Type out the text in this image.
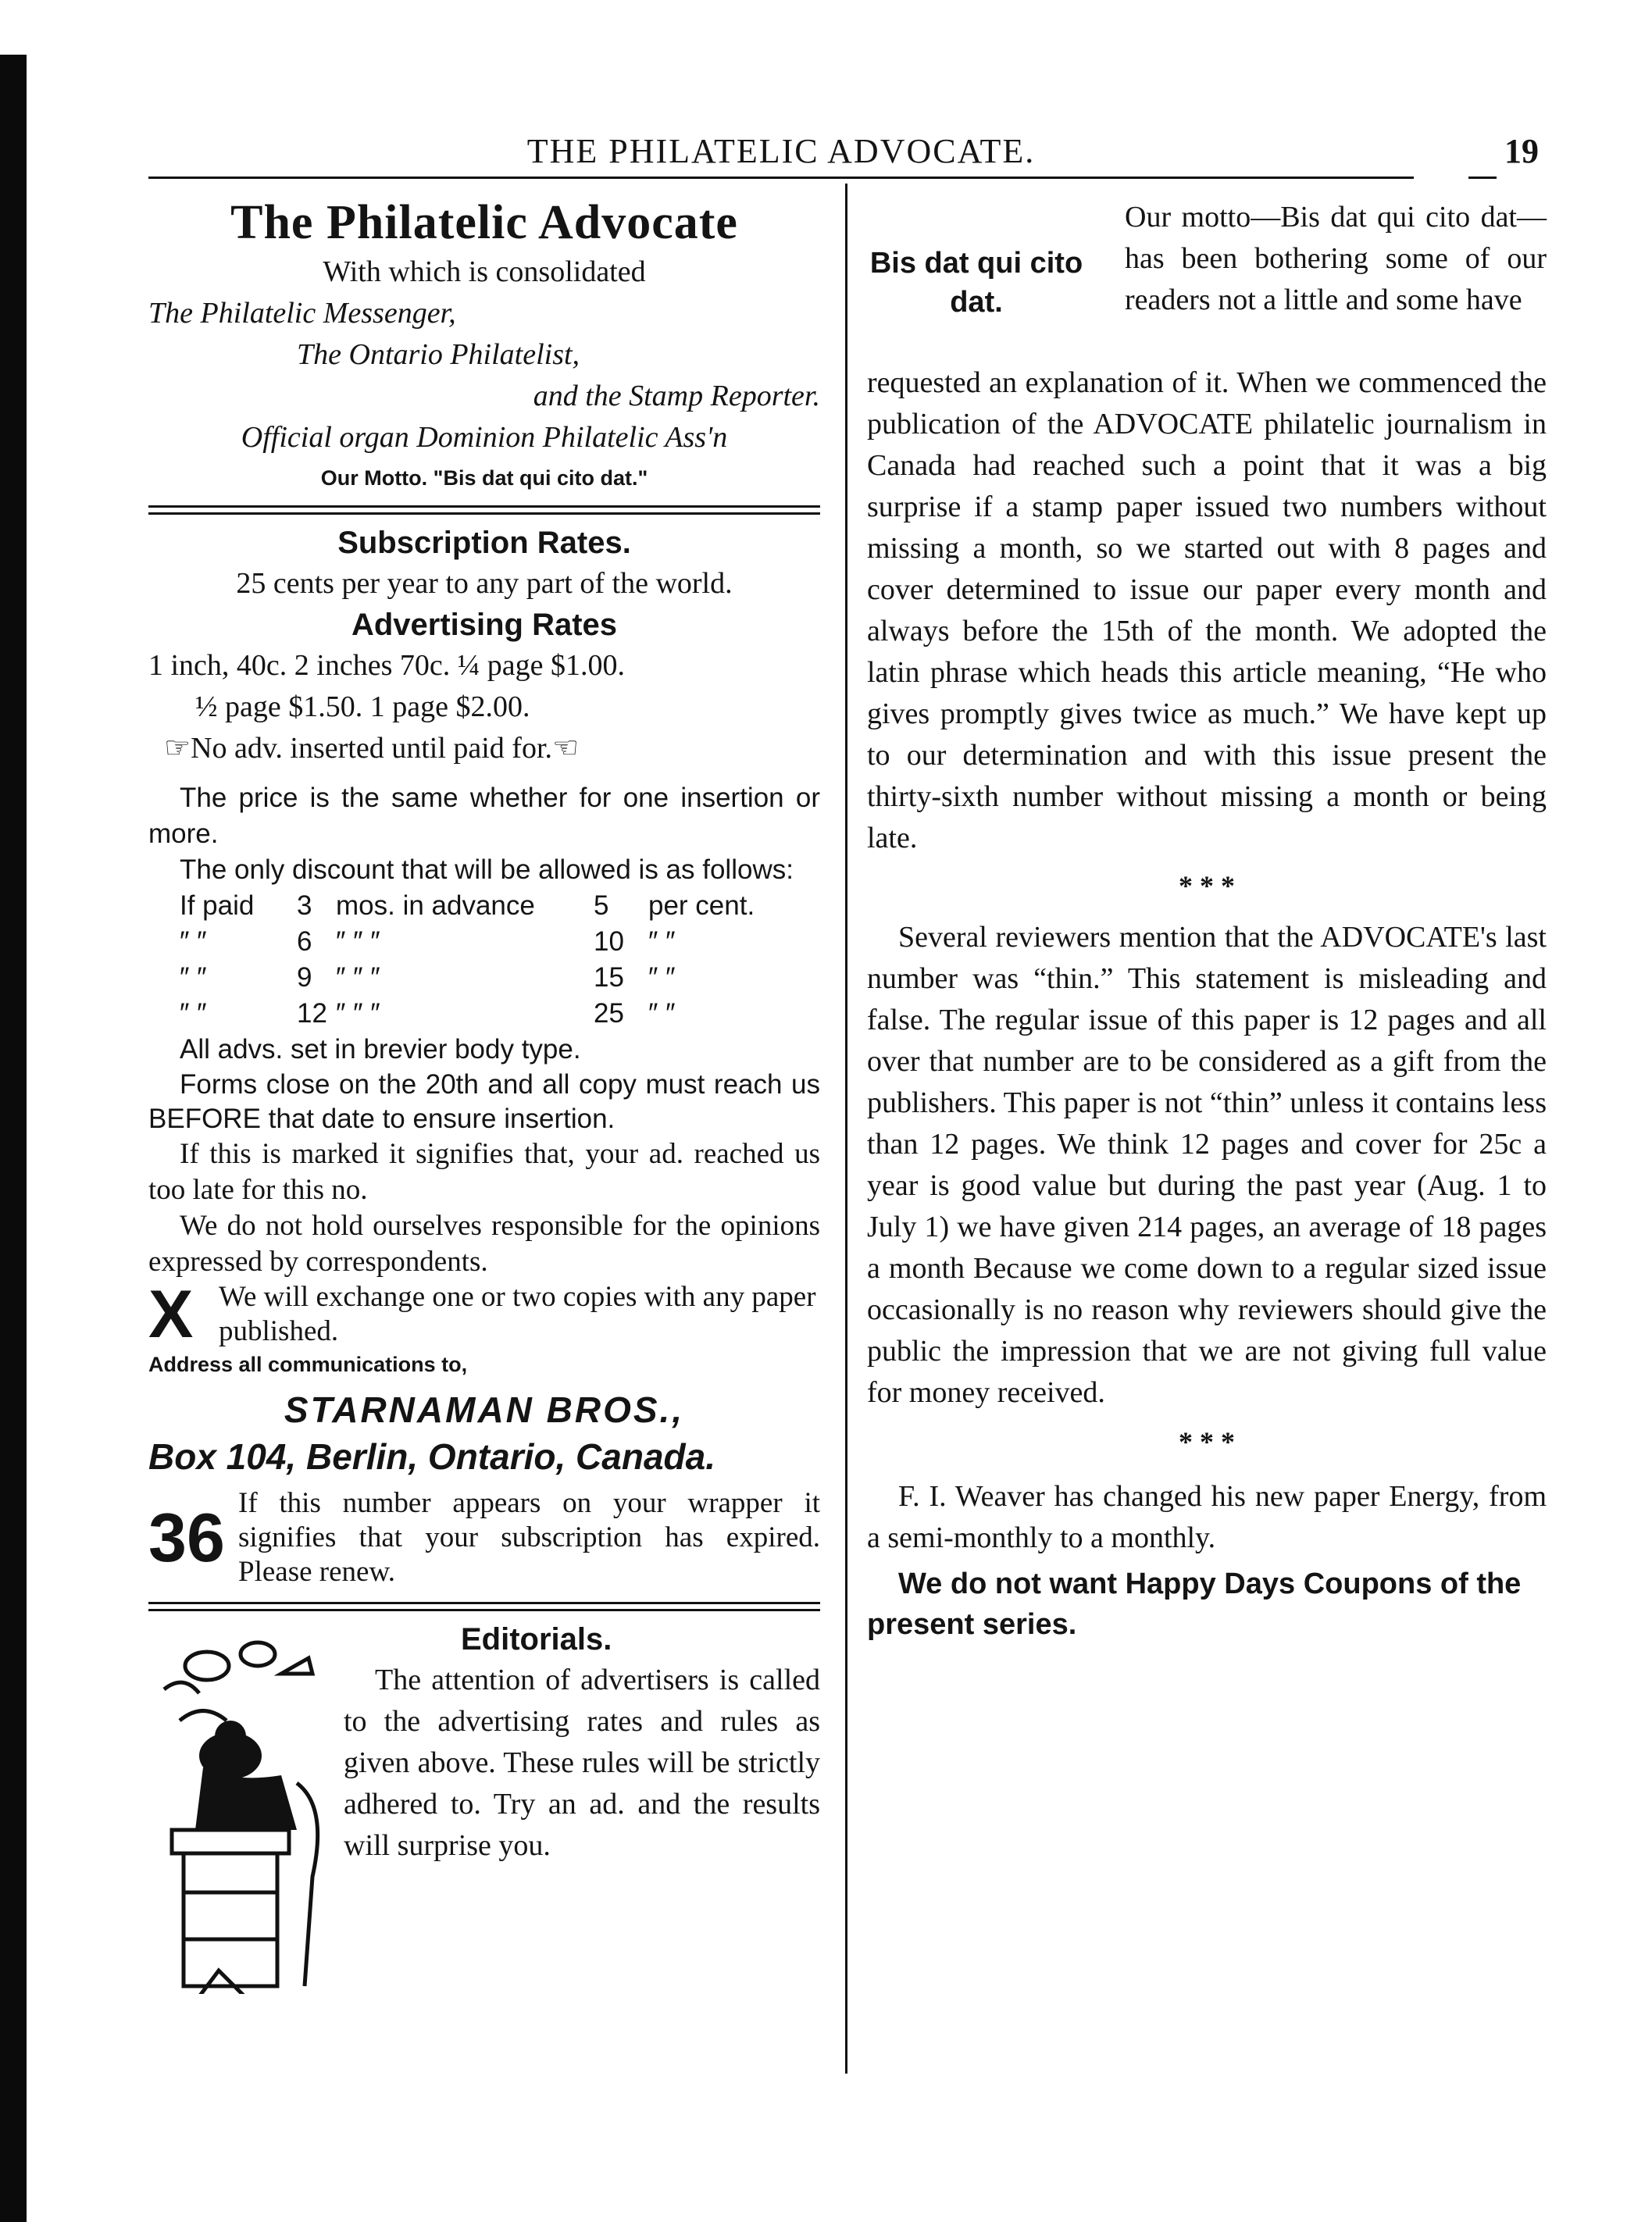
THE PHILATELIC ADVOCATE.	19
The Philatelic Advocate
With which is consolidated
The Philatelic Messenger,
The Ontario Philatelist,
and the Stamp Reporter.
Official organ Dominion Philatelic Ass'n
Our Motto. "Bis dat qui cito dat."
Subscription Rates.
25 cents per year to any part of the world.
Advertising Rates
1 inch, 40c. 2 inches 70c. ¼ page $1.00.
½ page $1.50. 1 page $2.00.
☞No adv. inserted until paid for.☜
The price is the same whether for one insertion or more.
The only discount that will be allowed is as follows:
If paid	3 mos. in advance	5	per cent.
″ ″	6 ″ ″ ″	10 ″ ″
″ ″	9 ″ ″ ″	15 ″ ″
″ ″	12 ″ ″ ″	25 ″ ″
All advs. set in brevier body type.
Forms close on the 20th and all copy must reach us BEFORE that date to ensure insertion.
If this is marked it signifies that, your ad. reached us too late for this no.
We do not hold ourselves responsible for the opinions expressed by correspondents.
X We will exchange one or two copies with any paper published.
Address all communications to,
STARNAMAN BROS.,
Box 104, Berlin, Ontario, Canada.
36 If this number appears on your wrapper it signifies that your subscription has expired. Please renew.
Editorials.
The attention of advertisers is called to the advertising rates and rules as given above. These rules will be strictly adhered to. Try an ad. and the results will surprise you.
Bis dat qui cito dat.
Our motto—Bis dat qui cito dat—has been bothering some of our readers not a little and some have
requested an explanation of it. When we commenced the publication of the ADVOCATE philatelic journalism in Canada had reached such a point that it was a big surprise if a stamp paper issued two numbers without missing a month, so we started out with 8 pages and cover determined to issue our paper every month and always before the 15th of the month. We adopted the latin phrase which heads this article meaning, “He who gives promptly gives twice as much.” We have kept up to our determination and with this issue present the thirty-sixth number without missing a month or being late.
* * *
Several reviewers mention that the ADVOCATE's last number was “thin.” This statement is misleading and false. The regular issue of this paper is 12 pages and all over that number are to be considered as a gift from the publishers. This paper is not “thin” unless it contains less than 12 pages. We think 12 pages and cover for 25c a year is good value but during the past year (Aug. 1 to July 1) we have given 214 pages, an average of 18 pages a month Because we come down to a regular sized issue occasionally is no reason why reviewers should give the public the impression that we are not giving full value for money received.
* * *
F. I. Weaver has changed his new paper Energy, from a semi-monthly to a monthly.
We do not want Happy Days Coupons of the present series.
